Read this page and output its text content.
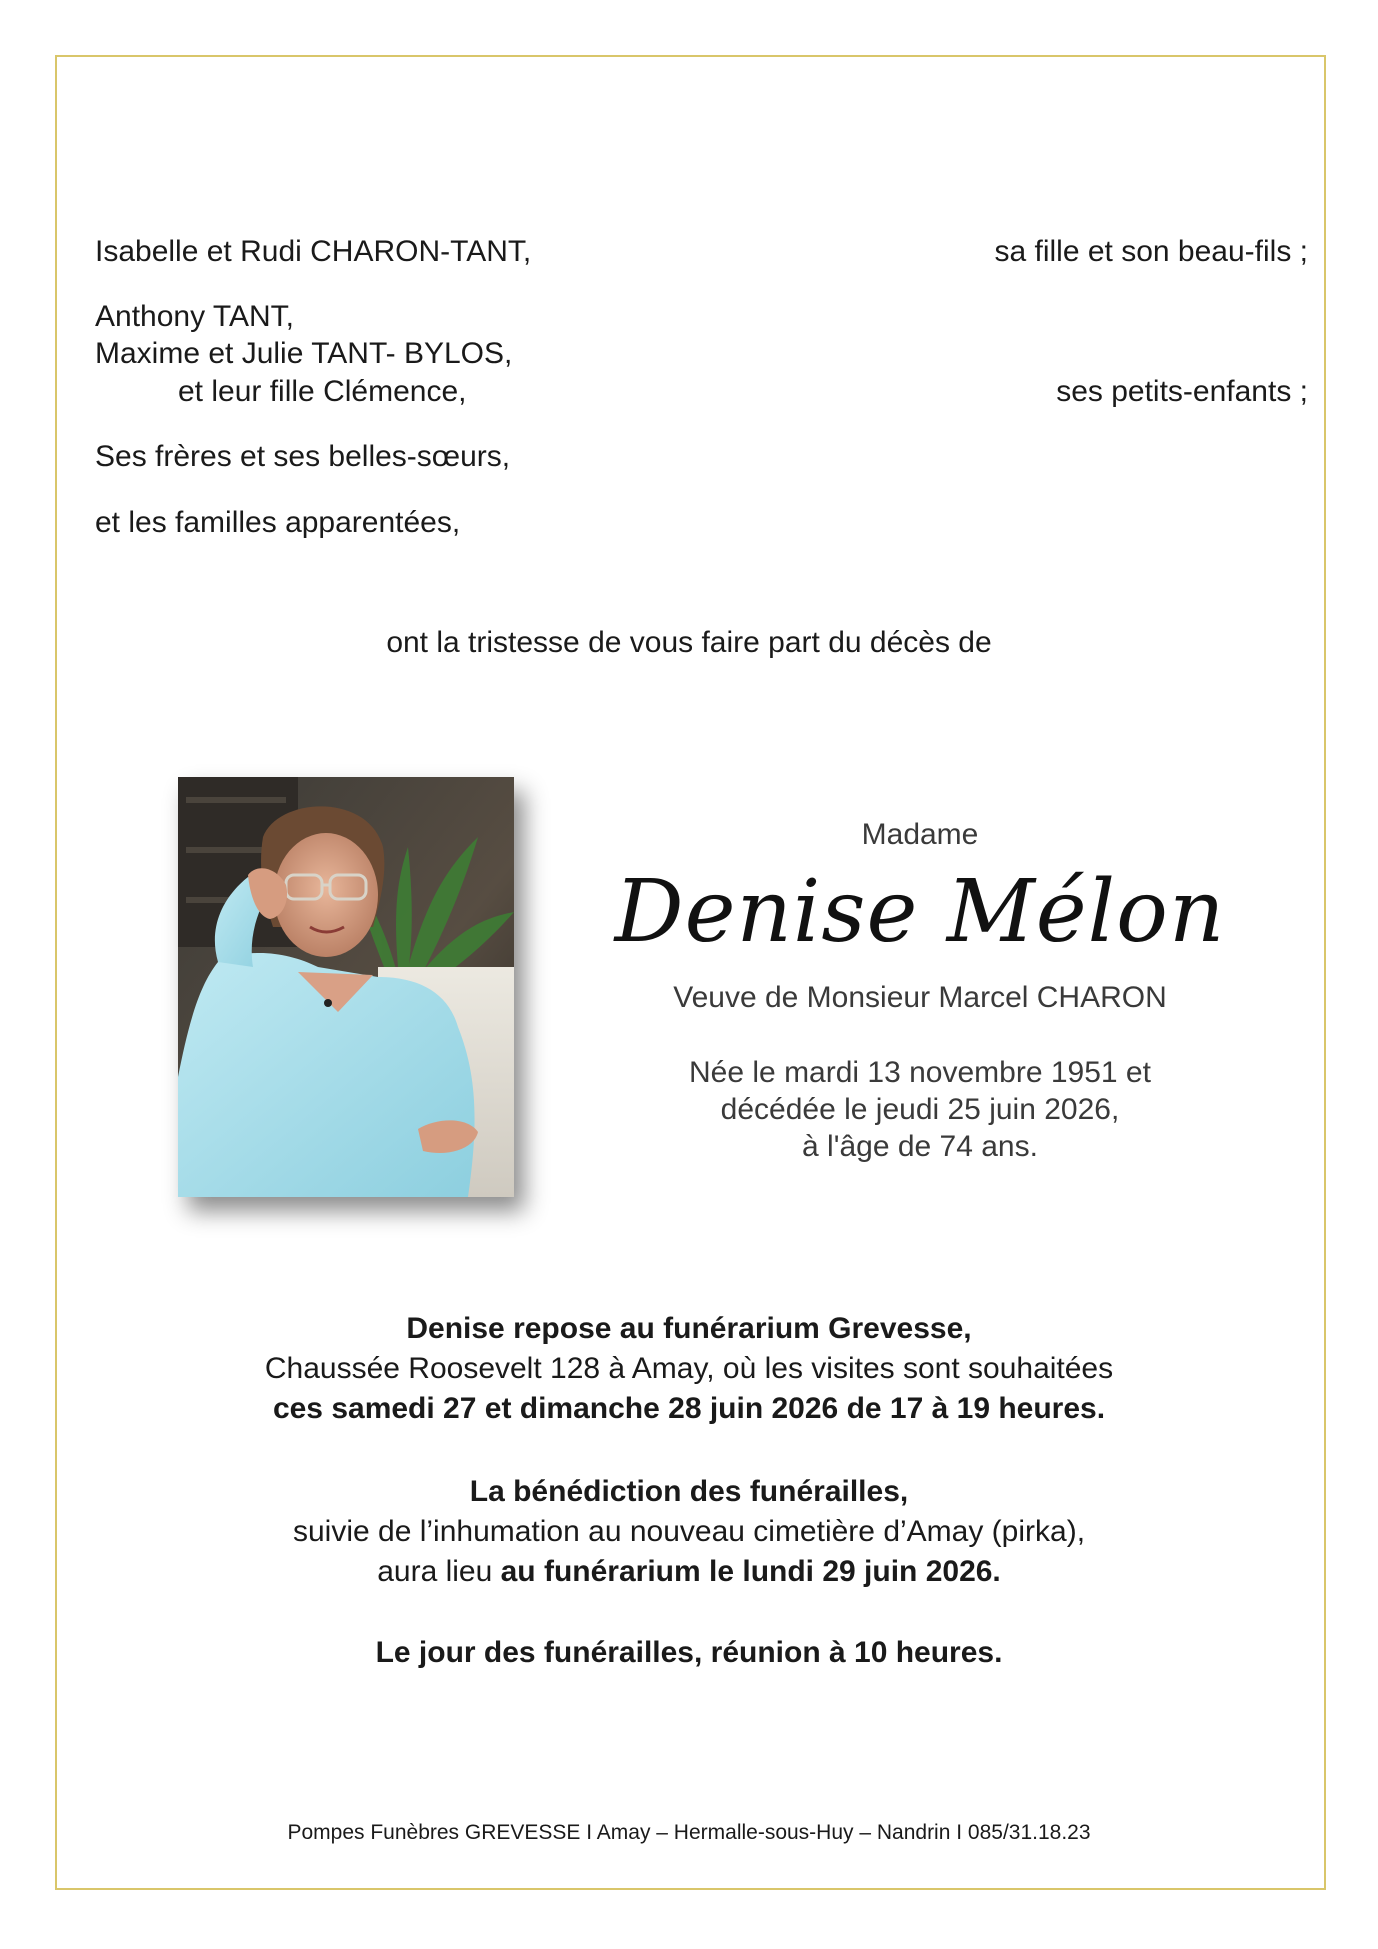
Isabelle et Rudi CHARON-TANT,	sa fille et son beau-fils ;
Anthony TANT,
Maxime et Julie TANT- BYLOS,
et leur fille Clémence,	ses petits-enfants ;
Ses frères et ses belles-sœurs,
et les familles apparentées,
ont la tristesse de vous faire part du décès de
Madame
Denise Mélon
Veuve de Monsieur Marcel CHARON
Née le mardi 13 novembre 1951 et
décédée le jeudi 25 juin 2026,
à l'âge de 74 ans.
Denise repose au funérarium Grevesse,
Chaussée Roosevelt 128 à Amay, où les visites sont souhaitées
ces samedi 27 et dimanche 28 juin 2026 de 17 à 19 heures.
La bénédiction des funérailles,
suivie de l’inhumation au nouveau cimetière d’Amay (pirka),
aura lieu au funérarium le lundi 29 juin 2026.
Le jour des funérailles, réunion à 10 heures.
Pompes Funèbres GREVESSE I Amay – Hermalle-sous-Huy – Nandrin I 085/31.18.23
